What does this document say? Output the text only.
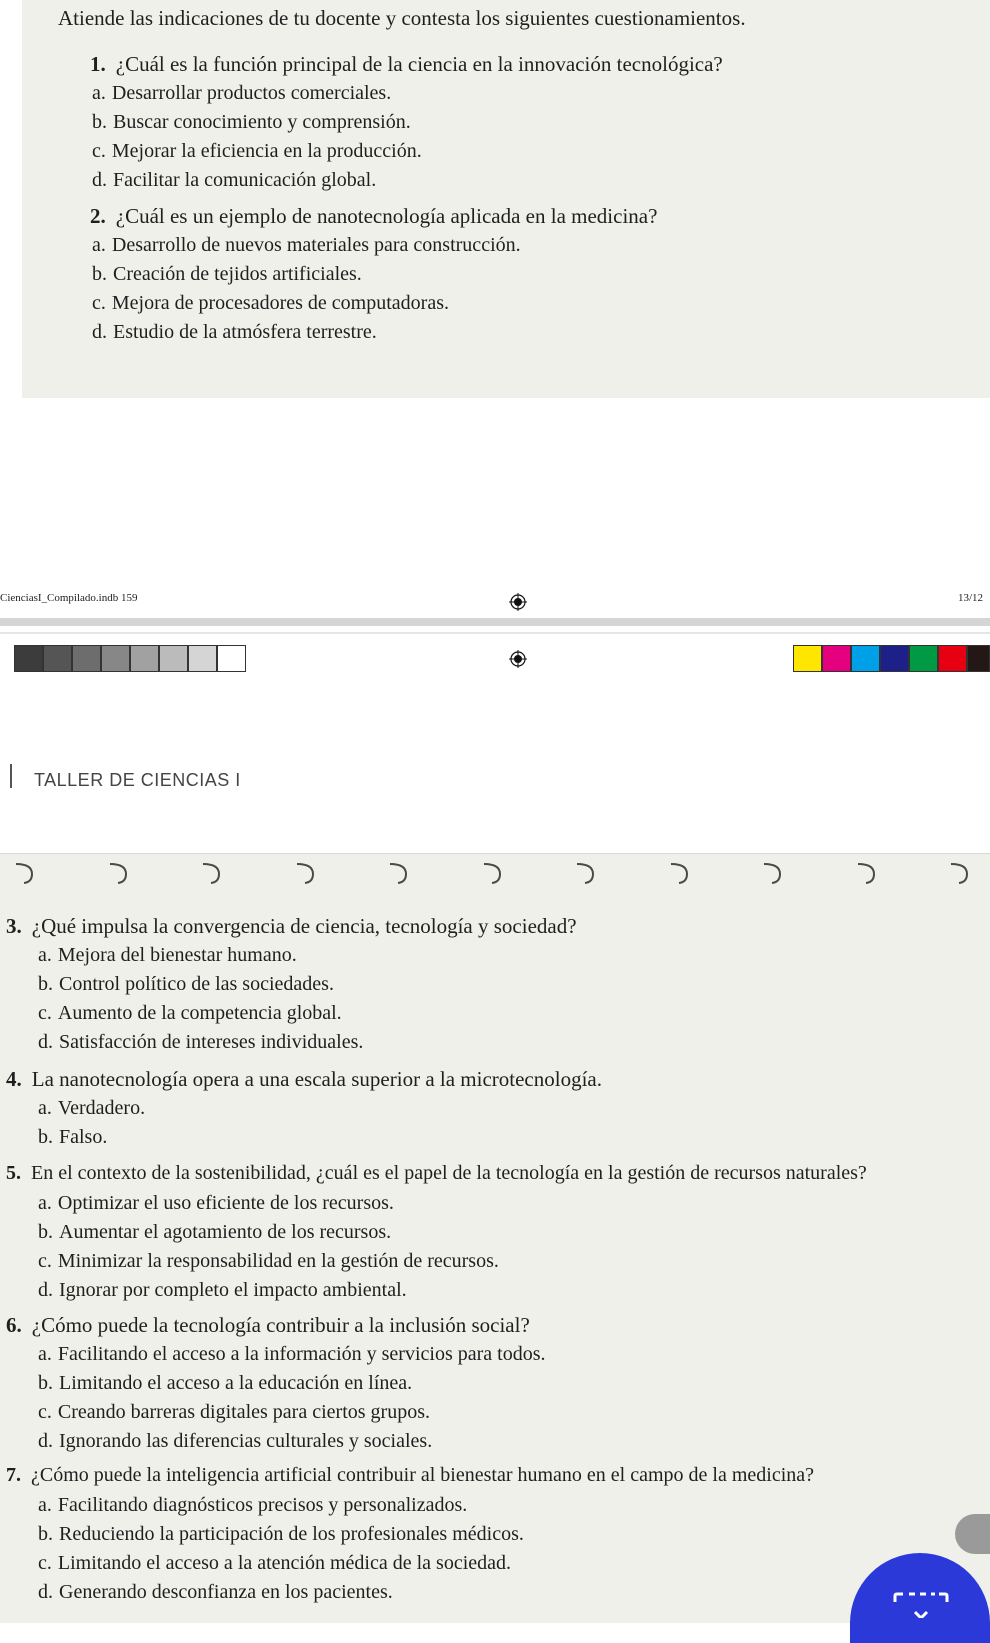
Atiende las indicaciones de tu docente y contesta los siguientes cuestionamientos.
1. ¿Cuál es la función principal de la ciencia en la innovación tecnológica?
a. Desarrollar productos comerciales.
b. Buscar conocimiento y comprensión.
c. Mejorar la eficiencia en la producción.
d. Facilitar la comunicación global.
2. ¿Cuál es un ejemplo de nanotecnología aplicada en la medicina?
a. Desarrollo de nuevos materiales para construcción.
b. Creación de tejidos artificiales.
c. Mejora de procesadores de computadoras.
d. Estudio de la atmósfera terrestre.
CienciasI_Compilado.indb 159	13/12
TALLER DE CIENCIAS I
3. ¿Qué impulsa la convergencia de ciencia, tecnología y sociedad?
a. Mejora del bienestar humano.
b. Control político de las sociedades.
c. Aumento de la competencia global.
d. Satisfacción de intereses individuales.
4. La nanotecnología opera a una escala superior a la microtecnología.
a. Verdadero.
b. Falso.
5. En el contexto de la sostenibilidad, ¿cuál es el papel de la tecnología en la gestión de recursos naturales?
a. Optimizar el uso eficiente de los recursos.
b. Aumentar el agotamiento de los recursos.
c. Minimizar la responsabilidad en la gestión de recursos.
d. Ignorar por completo el impacto ambiental.
6. ¿Cómo puede la tecnología contribuir a la inclusión social?
a. Facilitando el acceso a la información y servicios para todos.
b. Limitando el acceso a la educación en línea.
c. Creando barreras digitales para ciertos grupos.
d. Ignorando las diferencias culturales y sociales.
7. ¿Cómo puede la inteligencia artificial contribuir al bienestar humano en el campo de la medicina?
a. Facilitando diagnósticos precisos y personalizados.
b. Reduciendo la participación de los profesionales médicos.
c. Limitando el acceso a la atención médica de la sociedad.
d. Generando desconfianza en los pacientes.
